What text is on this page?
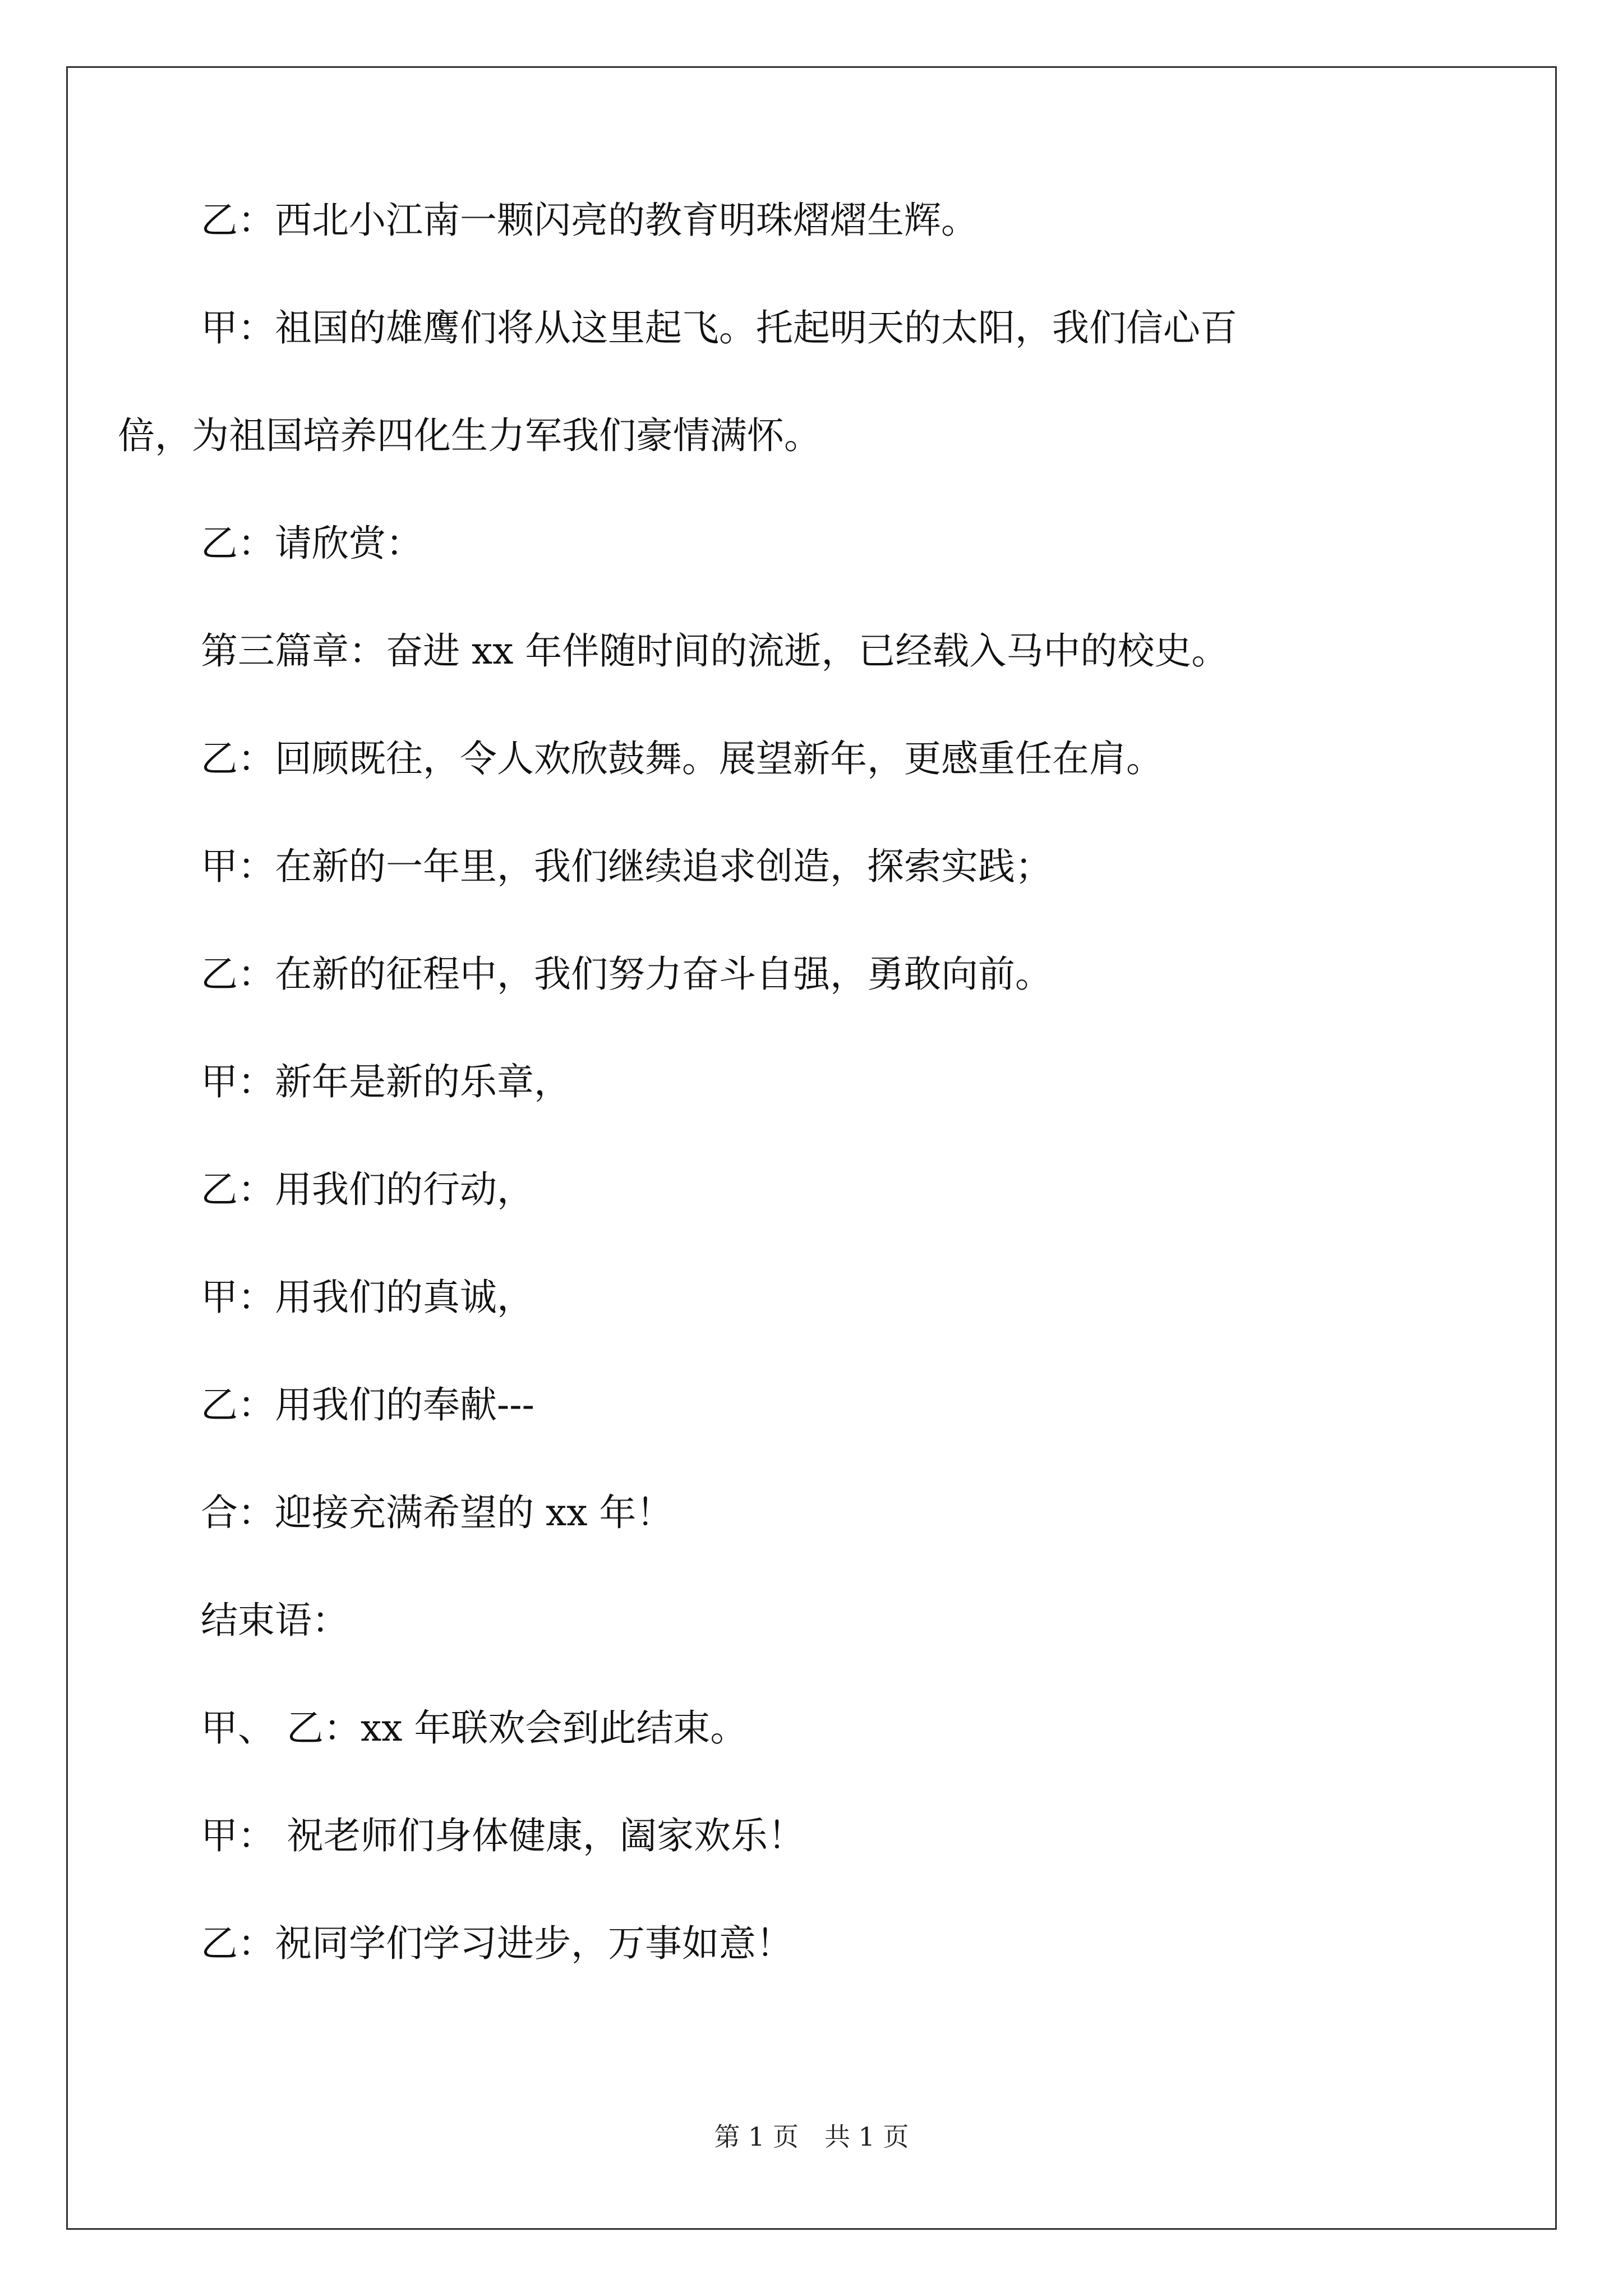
乙：西北小江南一颗闪亮的教育明珠熠熠生辉。

甲：祖国的雄鹰们将从这里起飞。托起明天的太阳，我们信心百

倍，为祖国培养四化生力军我们豪情满怀。

乙：请欣赏：

第三篇章：奋进 xx 年伴随时间的流逝，已经载入马中的校史。

乙：回顾既往，令人欢欣鼓舞。展望新年，更感重任在肩。

甲：在新的一年里，我们继续追求创造，探索实践；

乙：在新的征程中，我们努力奋斗自强，勇敢向前。

甲：新年是新的乐章，

乙：用我们的行动，

甲：用我们的真诚，

乙：用我们的奉献---

合：迎接充满希望的 xx 年！

结束语：

甲、 乙：xx 年联欢会到此结束。

甲： 祝老师们身体健康，阖家欢乐！

乙：祝同学们学习进步，万事如意！

第 1 页　共 1 页
